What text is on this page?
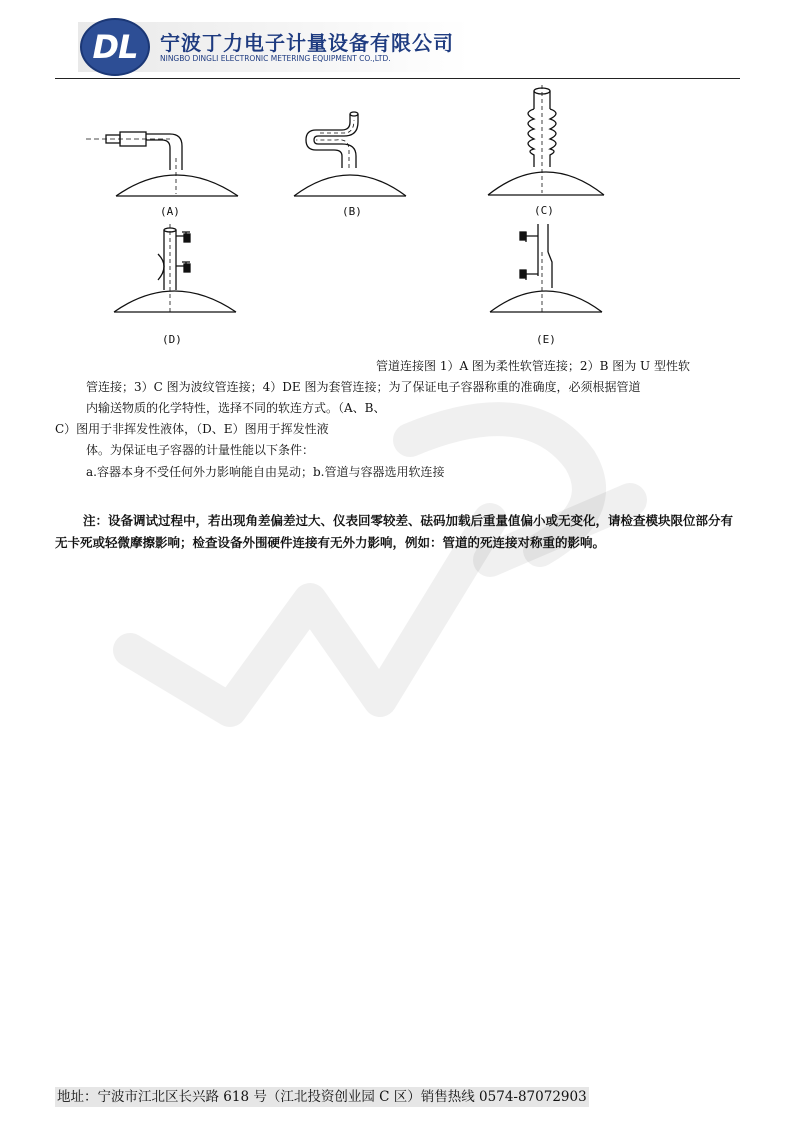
DL	宁波丁力电子计量设备有限公司
NINGBO DINGLI ELECTRONIC METERING EQUIPMENT CO.,LTD.
(A)	(B)	(C)
(D)	(E)
管道连接图 1）A 图为柔性软管连接；2）B 图为 U 型性软
管连接；3）C 图为波纹管连接；4）DE 图为套管连接；为了保证电子容器称重的准确度，必须根据管道
内输送物质的化学特性，选择不同的软连方式。（A、B、
C）图用于非挥发性液体，（D、E）图用于挥发性液
体。为保证电子容器的计量性能以下条件：
a.容器本身不受任何外力影响能自由晃动；b.管道与容器选用软连接
注：设备调试过程中，若出现角差偏差过大、仪表回零较差、砝码加载后重量值偏小或无变化，请检查模块限位部分有无卡死或轻微摩擦影响；检查设备外围硬件连接有无外力影响，例如：管道的死连接对称重的影响。
地址：宁波市江北区长兴路 618 号（江北投资创业园 C 区）销售热线 0574-87072903
